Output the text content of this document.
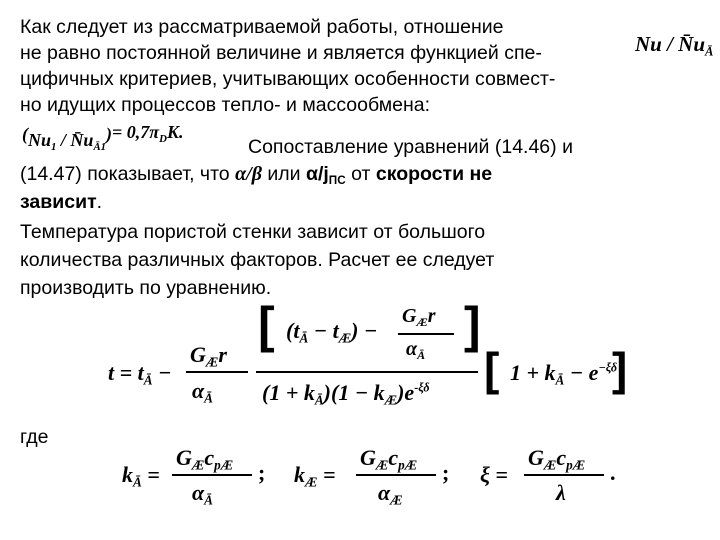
Как следует из рассматриваемой работы, отношение
Nu / $N̄u_Ā$
не равно постоянной величине и является функцией спе-
цифичных критериев, учитывающих особенности совмест-
но идущих процессов тепло- и массообмена:
($Nu_1$ / $N̄u_{Ā1})= 0,7\pi_DK$.
Сопоставление уравнений (14.46) и
(14.47) показывает, что α/β или $\alpha/j_{ПС}$ от скорости не
зависит.
Температура пористой стенки зависит от большого
количества различных факторов. Расчет ее следует
производить по уравнению.
$t = t_Ā$ −
$G_Ær$
$\alpha_Ā$
[ $(t_Ā - t_Æ)$ −
$G_Ær$
$\alpha_Ā$
]
$(1 + k_Ā)(1 - k_Æ)e^{-\xi\delta}$ [ $1 + k_Ā - e^{-\xi\delta}$
]
где
$k_Ā$ =
$G_Æc_{pÆ}$
$\alpha_Ā$
; $k_Æ$ =
$G_Æc_{pÆ}$
$\alpha_Æ$
; ξ =
$G_Æc_{pÆ}$
λ
.
